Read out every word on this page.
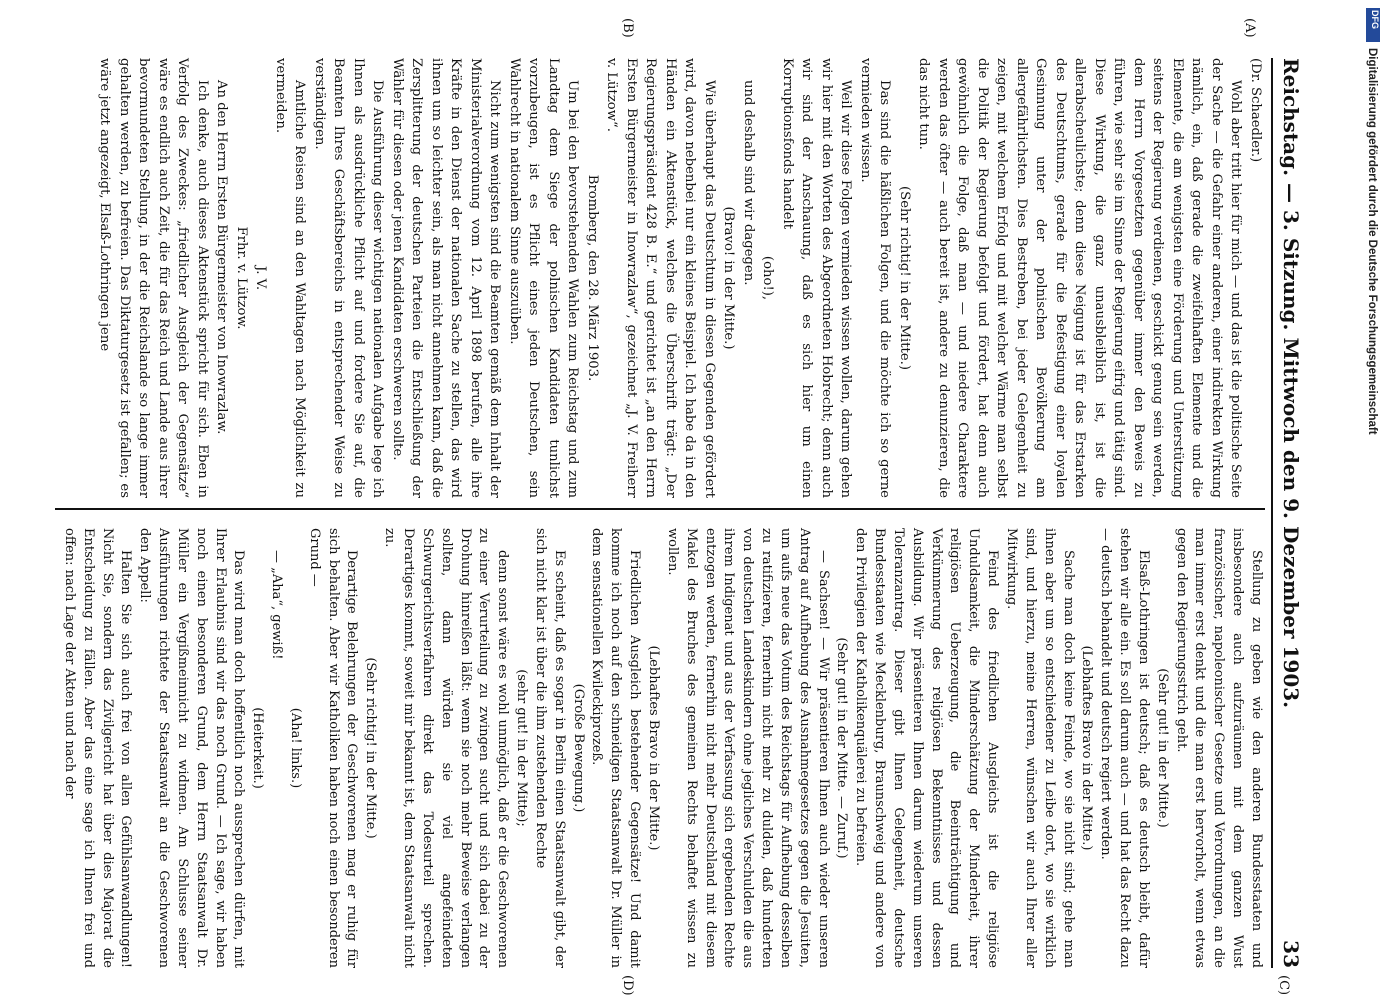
Reichstag. — 3. Sitzung. Mittwoch den 9. Dezember 1903.
33
(A)
(B)
(C)
(D)

(Dr. Schaedler.)

Wohl aber tritt hier für mich — und das ist die politische Seite der Sache — die Gefahr einer anderen, einer indirekten Wirkung nämlich, ein, daß gerade die zweifelhaften Elemente und die Elemente, die am wenigsten eine Förderung und Unterstützung seitens der Regierung verdienen, geschickt genug sein werden, dem Herrn Vorgesetzten gegenüber immer den Beweis zu führen, wie sehr sie im Sinne der Regierung eifrig und tätig sind. Diese Wirkung, die ganz unausbleiblich ist, ist die allerabscheulichste; denn diese Neigung ist für das Erstarken des Deutschtums, gerade für die Befestigung einer loyalen Gesinnung unter der polnischen Bevölkerung am allergefährlichsten. Dies Bestreben, bei jeder Gelegenheit zu zeigen, mit welchem Erfolg und mit welcher Wärme man selbst die Politik der Regierung befolgt und fördert, hat denn auch gewöhnlich die Folge, daß man — und niedere Charaktere werden das öfter — auch bereit ist, andere zu denunzieren, die das nicht tun.

(Sehr richtig! in der Mitte.)

Das sind die häßlichen Folgen, und die möchte ich so gerne vermieden wissen.

Weil wir diese Folgen vermieden wissen wollen, darum gehen wir hier mit den Worten des Abgeordneten Hobrecht; denn auch wir sind der Anschauung, daß es sich hier um einen Korruptionsfonds handelt

(oho!),

und deshalb sind wir dagegen.

(Bravo! in der Mitte.)

Wie überhaupt das Deutschtum in diesen Gegenden gefördert wird, davon nebenbei nur ein kleines Beispiel. Ich habe da in den Händen ein Aktenstück, welches die Überschrift trägt: „Der Regierungspräsident 428 B. E.“ und gerichtet ist „an den Herrn Ersten Bürgermeister in Inowrazlaw“, gezeichnet „J. V. Freiherr v. Lützow“.

Bromberg, den 28. März 1903.

Um bei den bevorstehenden Wahlen zum Reichstag und zum Landtag dem Siege der polnischen Kandidaten tunlichst vorzubeugen, ist es Pflicht eines jeden Deutschen, sein Wahlrecht in nationalem Sinne auszuüben.

Nicht zum wenigsten sind die Beamten gemäß dem Inhalt der Ministerialverordnung vom 12. April 1898 berufen, alle ihre Kräfte in den Dienst der nationalen Sache zu stellen, das wird ihnen um so leichter sein, als man nicht annehmen kann, daß die Zersplitterung der deutschen Parteien die Entschließung der Wähler für diesen oder jenen Kandidaten erschweren sollte.

Die Ausführung dieser wichtigen nationalen Aufgabe lege ich Ihnen als ausdrückliche Pflicht auf und fordere Sie auf, die Beamten Ihres Geschäftsbereichs in entsprechender Weise zu verständigen.

Amtliche Reisen sind an den Wahltagen nach Möglichkeit zu vermeiden.

J. V.

Frhr. v. Lützow.

An den Herrn Ersten Bürgermeister von Inowrazlaw.

Ich denke, auch dieses Aktenstück spricht für sich. Eben in Verfolg des Zweckes: „friedlicher Ausgleich der Gegensätze“ wäre es endlich auch Zeit, die für das Reich und Lande aus ihrer bevormundeten Stellung, in der die Reichslande so lange immer gehalten werden, zu befreien. Das Diktaturgesetz ist gefallen; es wäre jetzt angezeigt, Elsaß-Lothringen jene

Stellung zu geben wie den anderen Bundesstaaten und insbesondere auch aufzuräumen mit dem ganzen Wust französischer, napoleonischer Gesetze und Verordnungen, an die man immer erst denkt und die man erst hervorholt, wenn etwas gegen den Regierungsstrich geht.

(Sehr gut! in der Mitte.)

Elsaß-Lothringen ist deutsch; daß es deutsch bleibt, dafür stehen wir alle ein. Es soll darum auch — und hat das Recht dazu — deutsch behandelt und deutsch regiert werden.

(Lebhaftes Bravo in der Mitte.)

Sache man doch keine Feinde, wo sie nicht sind; gehe man ihnen aber um so entschiedener zu Leibe dort, wo sie wirklich sind, und hierzu, meine Herren, wünschen wir auch Ihrer aller Mitwirkung.

Feind des friedlichen Ausgleichs ist die religiöse Unduldsamkeit, die Minderschätzung der Minderheit, ihrer religiösen Ueberzeugung, die Beeinträchtigung und Verkümmerung des religiösen Bekenntnisses und dessen Ausbildung. Wir präsentieren Ihnen darum wiederum unseren Toleranzantrag. Dieser gibt Ihnen Gelegenheit, deutsche Bundesstaaten wie Mecklenburg, Braunschweig und andere von den Privilegien der Katholikenquälerei zu befreien.

(Sehr gut! in der Mitte. — Zuruf.)

— Sachsen! — Wir präsentieren Ihnen auch wieder unseren Antrag auf Aufhebung des Ausnahmegesetzes gegen die Jesuiten, um aufs neue das Votum des Reichstags für Aufhebung desselben zu ratifizieren, fernerhin nicht mehr zu dulden, daß hunderten von deutschen Landeskindern ohne jegliches Verschulden die aus ihrem Indigenat und aus der Verfassung sich ergebenden Rechte entzogen werden, fernerhin nicht mehr Deutschland mit diesem Makel des Bruches des gemeinen Rechts behaftet wissen zu wollen.

(Lebhaftes Bravo in der Mitte.)

Friedlichen Ausgleich bestehender Gegensätze! Und damit komme ich noch auf den schneidigen Staatsanwalt Dr. Müller in dem sensationellen Kwileckiprozeß.

(Große Bewegung.)

Es scheint, daß es sogar in Berlin einen Staatsanwalt gibt, der sich nicht klar ist über die ihm zustehenden Rechte

(sehr gut! in der Mitte);

denn sonst wäre es wohl unmöglich, daß er die Geschworenen zu einer Verurteilung zu zwingen sucht und sich dabei zu der Drohung hinreißen läßt: wenn sie noch mehr Beweise verlangen sollten, dann würden sie viel angefeindeten Schwurgerichtsverfahren direkt das Todesurteil sprechen. Derartiges kommt, soweit mir bekannt ist, dem Staatsanwalt nicht zu.

(Sehr richtig! in der Mitte.)

Derartige Belehrungen der Geschworenen mag er ruhig für sich behalten. Aber wir Katholiken haben noch einen besonderen Grund —

(Aha! links.)

— „Aha“, gewiß!

(Heiterkeit.)

Das wird man doch hoffentlich noch aussprechen dürfen, mit Ihrer Erlaubnis sind wir das noch Grund. — Ich sage, wir haben noch einen besonderen Grund, dem Herrn Staatsanwalt Dr. Müller ein Vergißmeinnicht zu widmen. Am Schlusse seiner Ausführungen richtete der Staatsanwalt an die Geschworenen den Appell:

Halten Sie sich auch frei von allen Gefühlsanwandlungen! Nicht Sie, sondern das Zivilgericht hat über dies Majorat die Entscheidung zu fällen. Aber das eine sage ich Ihnen frei und offen: nach Lage der Akten und nach der

DFG
Digitalisierung gefördert durch die Deutsche Forschungsgemeinschaft
